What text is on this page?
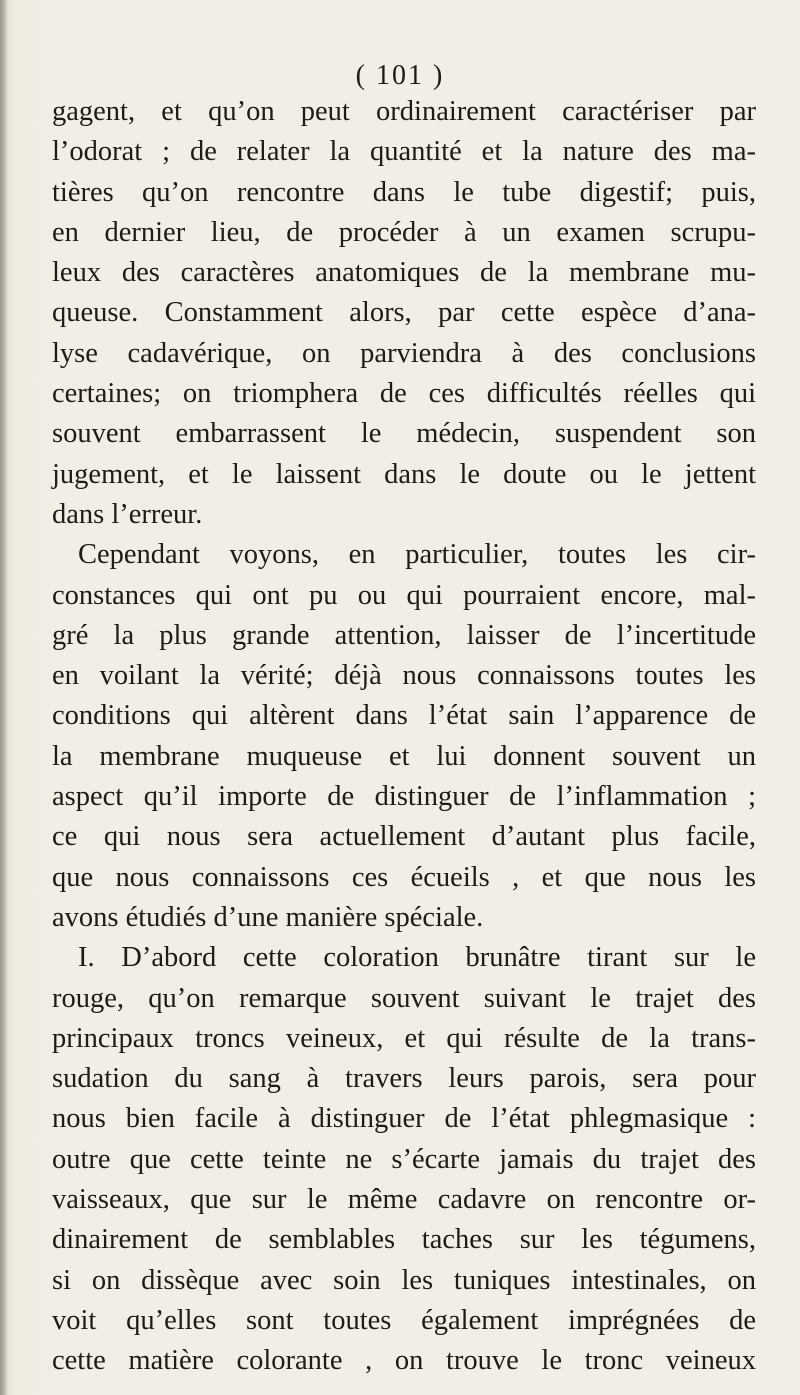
( 101 )
gagent, et qu’on peut ordinairement caractériser par
l’odorat ; de relater la quantité et la nature des ma-
tières qu’on rencontre dans le tube digestif; puis,
en dernier lieu, de procéder à un examen scrupu-
leux des caractères anatomiques de la membrane mu-
queuse. Constamment alors, par cette espèce d’ana-
lyse cadavérique, on parviendra à des conclusions
certaines; on triomphera de ces difficultés réelles qui
souvent embarrassent le médecin, suspendent son
jugement, et le laissent dans le doute ou le jettent
dans l’erreur.
Cependant voyons, en particulier, toutes les cir-
constances qui ont pu ou qui pourraient encore, mal-
gré la plus grande attention, laisser de l’incertitude
en voilant la vérité; déjà nous connaissons toutes les
conditions qui altèrent dans l’état sain l’apparence de
la membrane muqueuse et lui donnent souvent un
aspect qu’il importe de distinguer de l’inflammation ;
ce qui nous sera actuellement d’autant plus facile,
que nous connaissons ces écueils , et que nous les
avons étudiés d’une manière spéciale.
I. D’abord cette coloration brunâtre tirant sur le
rouge, qu’on remarque souvent suivant le trajet des
principaux troncs veineux, et qui résulte de la trans-
sudation du sang à travers leurs parois, sera pour
nous bien facile à distinguer de l’état phlegmasique :
outre que cette teinte ne s’écarte jamais du trajet des
vaisseaux, que sur le même cadavre on rencontre or-
dinairement de semblables taches sur les tégumens,
si on dissèque avec soin les tuniques intestinales, on
voit qu’elles sont toutes également imprégnées de
cette matière colorante , on trouve le tronc veineux
